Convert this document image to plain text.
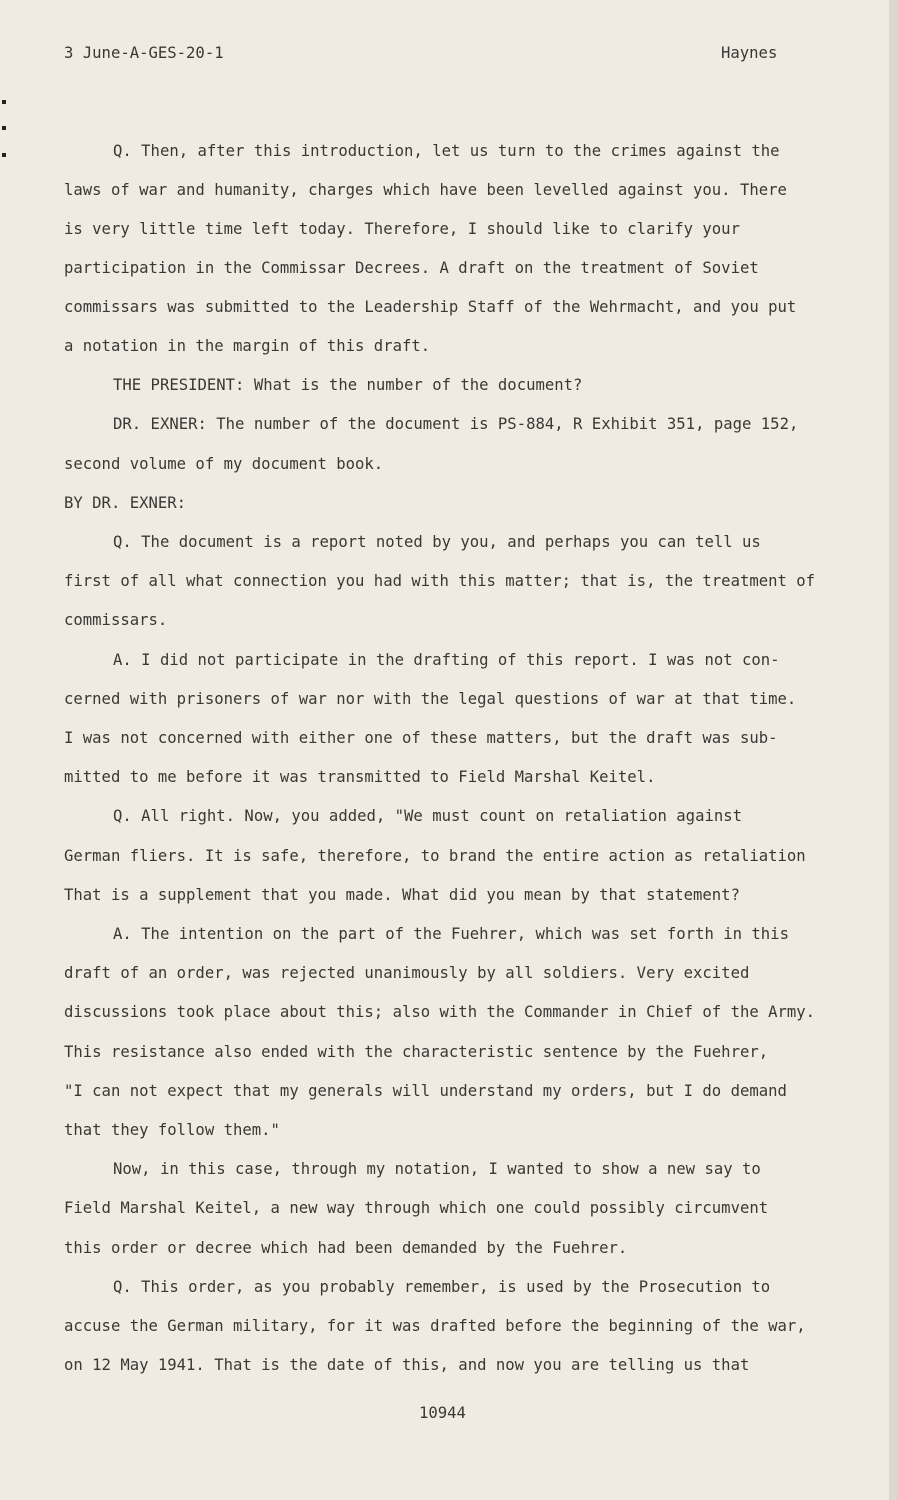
3 June-A-GES-20-1	Haynes
Q. Then, after this introduction, let us turn to the crimes against the
laws of war and humanity, charges which have been levelled against you. There
is very little time left today. Therefore, I should like to clarify your
participation in the Commissar Decrees. A draft on the treatment of Soviet
commissars was submitted to the Leadership Staff of the Wehrmacht, and you put
a notation in the margin of this draft.
THE PRESIDENT: What is the number of the document?
DR. EXNER: The number of the document is PS-884, R Exhibit 351, page 152,
second volume of my document book.
BY DR. EXNER:
Q. The document is a report noted by you, and perhaps you can tell us
first of all what connection you had with this matter; that is, the treatment of
commissars.
A. I did not participate in the drafting of this report. I was not con-
cerned with prisoners of war nor with the legal questions of war at that time.
I was not concerned with either one of these matters, but the draft was sub-
mitted to me before it was transmitted to Field Marshal Keitel.
Q. All right. Now, you added, "We must count on retaliation against
German fliers. It is safe, therefore, to brand the entire action as retaliation
That is a supplement that you made. What did you mean by that statement?
A. The intention on the part of the Fuehrer, which was set forth in this
draft of an order, was rejected unanimously by all soldiers. Very excited
discussions took place about this; also with the Commander in Chief of the Army.
This resistance also ended with the characteristic sentence by the Fuehrer,
"I can not expect that my generals will understand my orders, but I do demand
that they follow them."
Now, in this case, through my notation, I wanted to show a new say to
Field Marshal Keitel, a new way through which one could possibly circumvent
this order or decree which had been demanded by the Fuehrer.
Q. This order, as you probably remember, is used by the Prosecution to
accuse the German military, for it was drafted before the beginning of the war,
on 12 May 1941. That is the date of this, and now you are telling us that
10944
